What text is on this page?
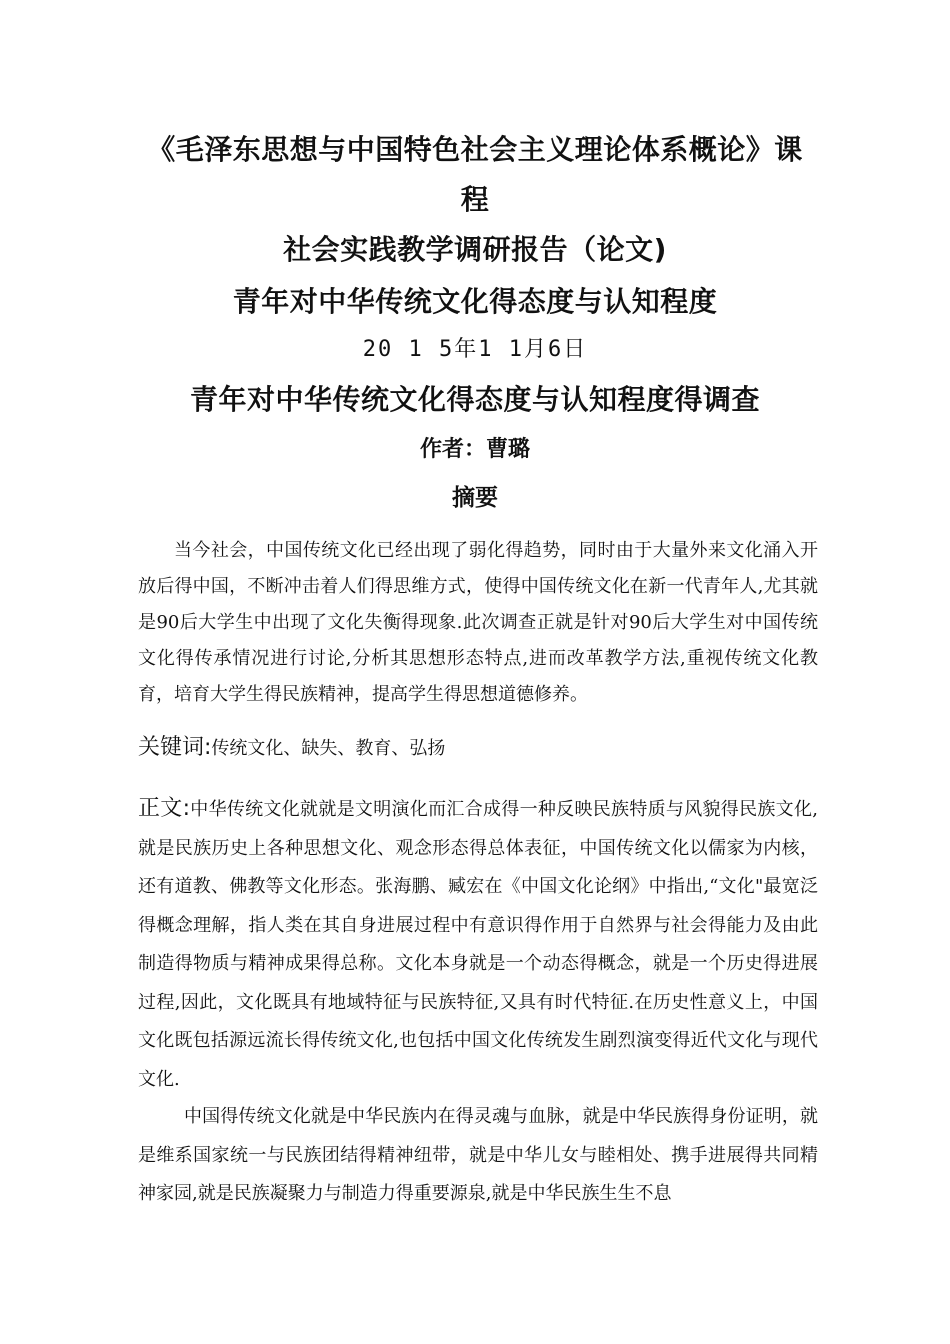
《毛泽东思想与中国特色社会主义理论体系概论》课
程
社会实践教学调研报告（论文)
青年对中华传统文化得态度与认知程度
20 1 5年1 1月6日
青年对中华传统文化得态度与认知程度得调查
作者：曹璐
摘要
当今社会，中国传统文化已经出现了弱化得趋势，同时由于大量外来文化涌入开放后得中国，不断冲击着人们得思维方式，使得中国传统文化在新一代青年人,尤其就是90后大学生中出现了文化失衡得现象.此次调查正就是针对90后大学生对中国传统文化得传承情况进行讨论,分析其思想形态特点,进而改革教学方法,重视传统文化教育，培育大学生得民族精神，提高学生得思想道德修养。
关键词:传统文化、缺失、教育、弘扬
正文:中华传统文化就就是文明演化而汇合成得一种反映民族特质与风貌得民族文化,就是民族历史上各种思想文化、观念形态得总体表征，中国传统文化以儒家为内核，还有道教、佛教等文化形态。张海鹏、臧宏在《中国文化论纲》中指出,“文化"最宽泛得概念理解，指人类在其自身进展过程中有意识得作用于自然界与社会得能力及由此制造得物质与精神成果得总称。文化本身就是一个动态得概念，就是一个历史得进展过程,因此，文化既具有地域特征与民族特征,又具有时代特征.在历史性意义上，中国文化既包括源远流长得传统文化,也包括中国文化传统发生剧烈演变得近代文化与现代文化.
中国得传统文化就是中华民族内在得灵魂与血脉，就是中华民族得身份证明，就是维系国家统一与民族团结得精神纽带，就是中华儿女与睦相处、携手进展得共同精神家园,就是民族凝聚力与制造力得重要源泉,就是中华民族生生不息
